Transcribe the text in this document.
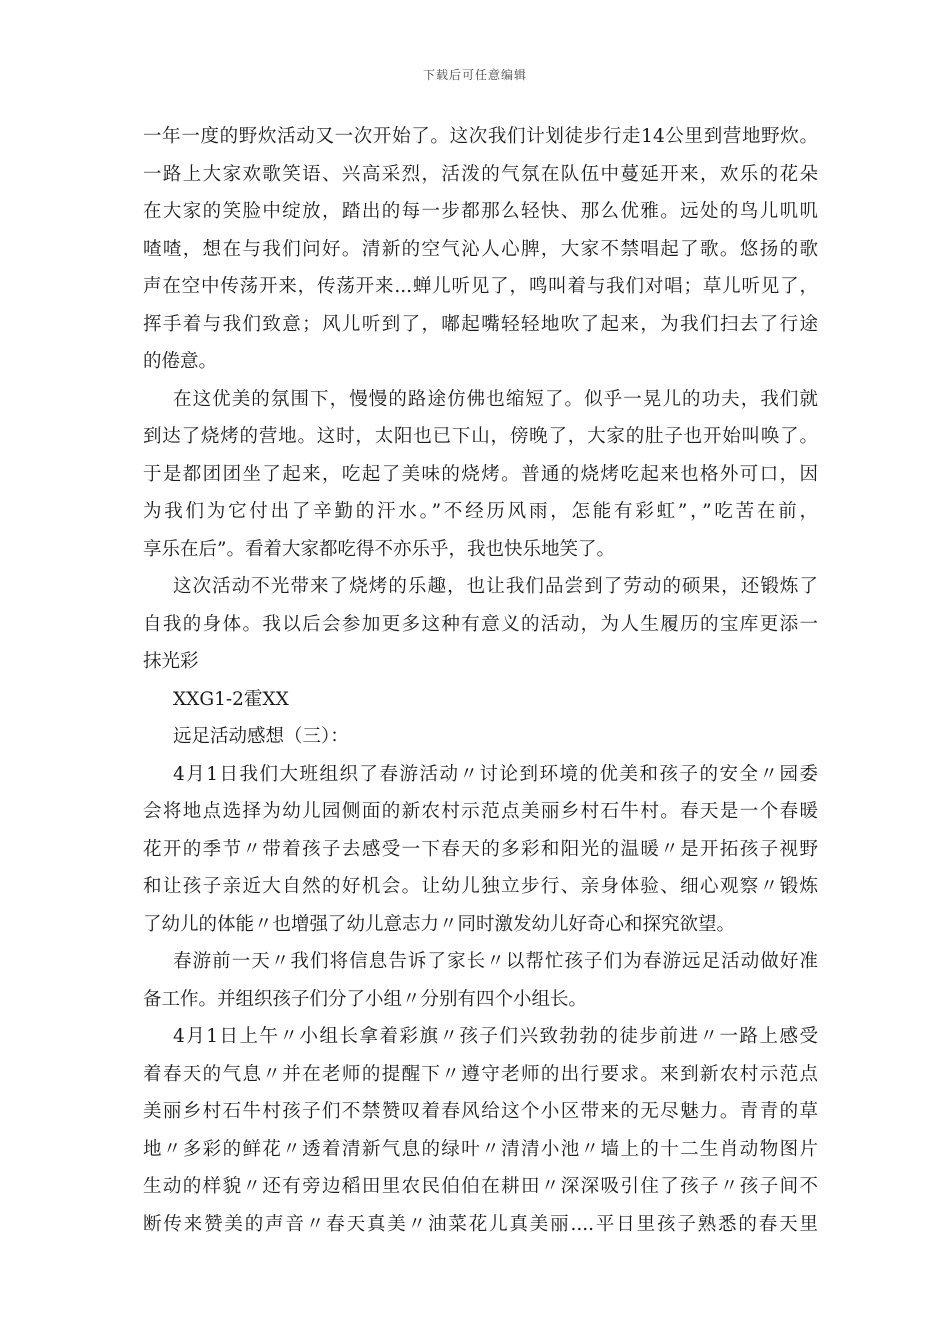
下载后可任意编辑
一年一度的野炊活动又一次开始了。这次我们计划徒步行走14公里到营地野炊。
一路上大家欢歌笑语、兴高采烈，活泼的气氛在队伍中蔓延开来，欢乐的花朵
在大家的笑脸中绽放，踏出的每一步都那么轻快、那么优雅。远处的鸟儿叽叽
喳喳，想在与我们问好。清新的空气沁人心脾，大家不禁唱起了歌。悠扬的歌
声在空中传荡开来，传荡开来...蝉儿听见了，鸣叫着与我们对唱；草儿听见了，
挥手着与我们致意；风儿听到了，嘟起嘴轻轻地吹了起来，为我们扫去了行途
的倦意。
在这优美的氛围下，慢慢的路途仿佛也缩短了。似乎一晃儿的功夫，我们就
到达了烧烤的营地。这时，太阳也已下山，傍晚了，大家的肚子也开始叫唤了。
于是都团团坐了起来，吃起了美味的烧烤。普通的烧烤吃起来也格外可口，因
为我们为它付出了辛勤的汗水。”不经历风雨，怎能有彩虹”，”吃苦在前，
享乐在后”。看着大家都吃得不亦乐乎，我也快乐地笑了。
这次活动不光带来了烧烤的乐趣，也让我们品尝到了劳动的硕果，还锻炼了
自我的身体。我以后会参加更多这种有意义的活动，为人生履历的宝库更添一
抹光彩
XXG1-2霍XX
远足活动感想（三）：
4月1日我们大班组织了春游活动〃讨论到环境的优美和孩子的安全〃园委
会将地点选择为幼儿园侧面的新农村示范点美丽乡村石牛村。春天是一个春暖
花开的季节〃带着孩子去感受一下春天的多彩和阳光的温暖〃是开拓孩子视野
和让孩子亲近大自然的好机会。让幼儿独立步行、亲身体验、细心观察〃锻炼
了幼儿的体能〃也增强了幼儿意志力〃同时激发幼儿好奇心和探究欲望。
春游前一天〃我们将信息告诉了家长〃以帮忙孩子们为春游远足活动做好准
备工作。并组织孩子们分了小组〃分别有四个小组长。
4月1日上午〃小组长拿着彩旗〃孩子们兴致勃勃的徒步前进〃一路上感受
着春天的气息〃并在老师的提醒下〃遵守老师的出行要求。来到新农村示范点
美丽乡村石牛村孩子们不禁赞叹着春风给这个小区带来的无尽魅力。青青的草
地〃多彩的鲜花〃透着清新气息的绿叶〃清清小池〃墙上的十二生肖动物图片
生动的样貌〃还有旁边稻田里农民伯伯在耕田〃深深吸引住了孩子〃孩子间不
断传来赞美的声音〃春天真美〃油菜花儿真美丽....平日里孩子熟悉的春天里
